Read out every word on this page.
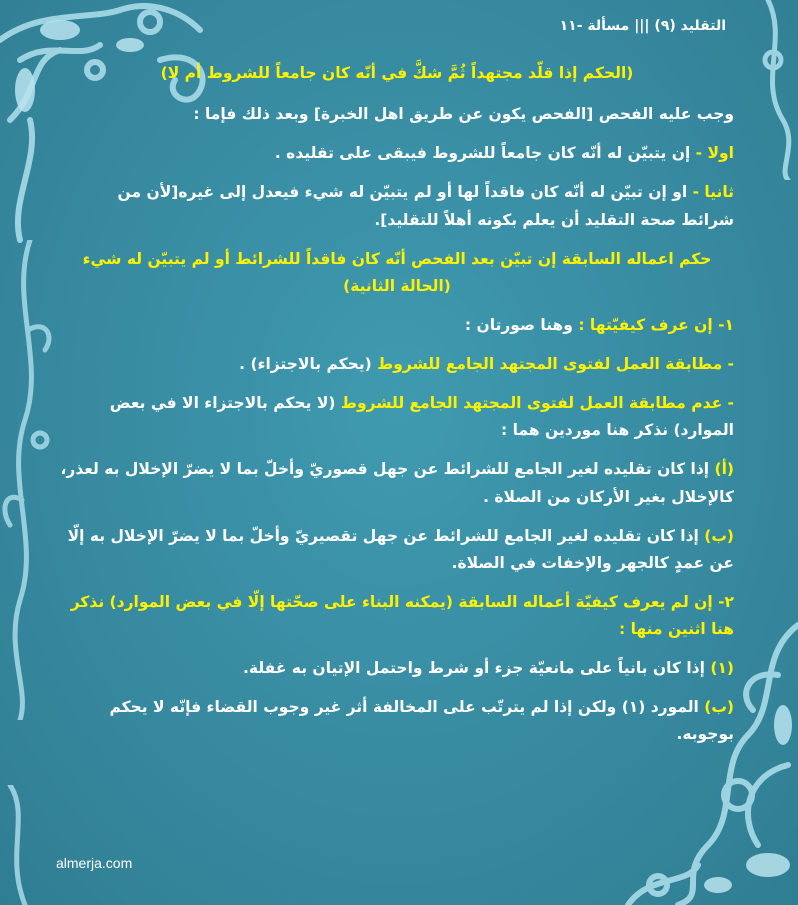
التقليد (٩) ||| مسألة -١١

(الحكم إذا قلّد مجتهداً ثُمَّ شكَّ في أنّه كان جامعاً للشروط أم لا)

وجب عليه الفحص [الفحص يكون عن طريق اهل الخبرة] وبعد ذلك فإما :

اولا - إن يتبيّن له أنّه كان جامعاً للشروط فيبقى على تقليده .

ثانيا - او إن تبيّن له أنّه كان فاقداً لها أو لم يتبيّن له شيء فيعدل إلى غيره[لأن من شرائط صحة التقليد أن يعلم بكونه أهلاً للتقليد].

حكم اعماله السابقة إن تبيّن بعد الفحص أنّه كان فاقداً للشرائط أو لم يتبيّن له شيء (الحالة الثانية)

١- إن عرف كيفيّتها : وهنا صورتان :

- مطابقة العمل لفتوى المجتهد الجامع للشروط (يحكم بالاجتزاء) .

- عدم مطابقة العمل لفتوى المجتهد الجامع للشروط (لا يحكم بالاجتزاء الا في بعض الموارد) نذكر هنا موردين هما :

(أ) إذا كان تقليده لغير الجامع للشرائط عن جهل قصوريّ وأخلّ بما لا يضرّ الإخلال به لعذر، كالإخلال بغير الأركان من الصلاة .

(ب) إذا كان تقليده لغير الجامع للشرائط عن جهل تقصيريّ وأخلّ بما لا يضرّ الإخلال به إلّا عن عمدٍ كالجهر والإخفات في الصلاة.

٢- إن لم يعرف كيفيّة أعماله السابقة (يمكنه البناء على صحّتها إلّا في بعض الموارد) نذكر هنا اثنين منها :

(١) إذا كان بانياً على مانعيّة جزء أو شرط واحتمل الإتيان به غفلة.

(ب) المورد (١) ولكن إذا لم يترتّب على المخالفة أثر غير وجوب القضاء فإنّه لا يحكم بوجوبه.

almerja.com
